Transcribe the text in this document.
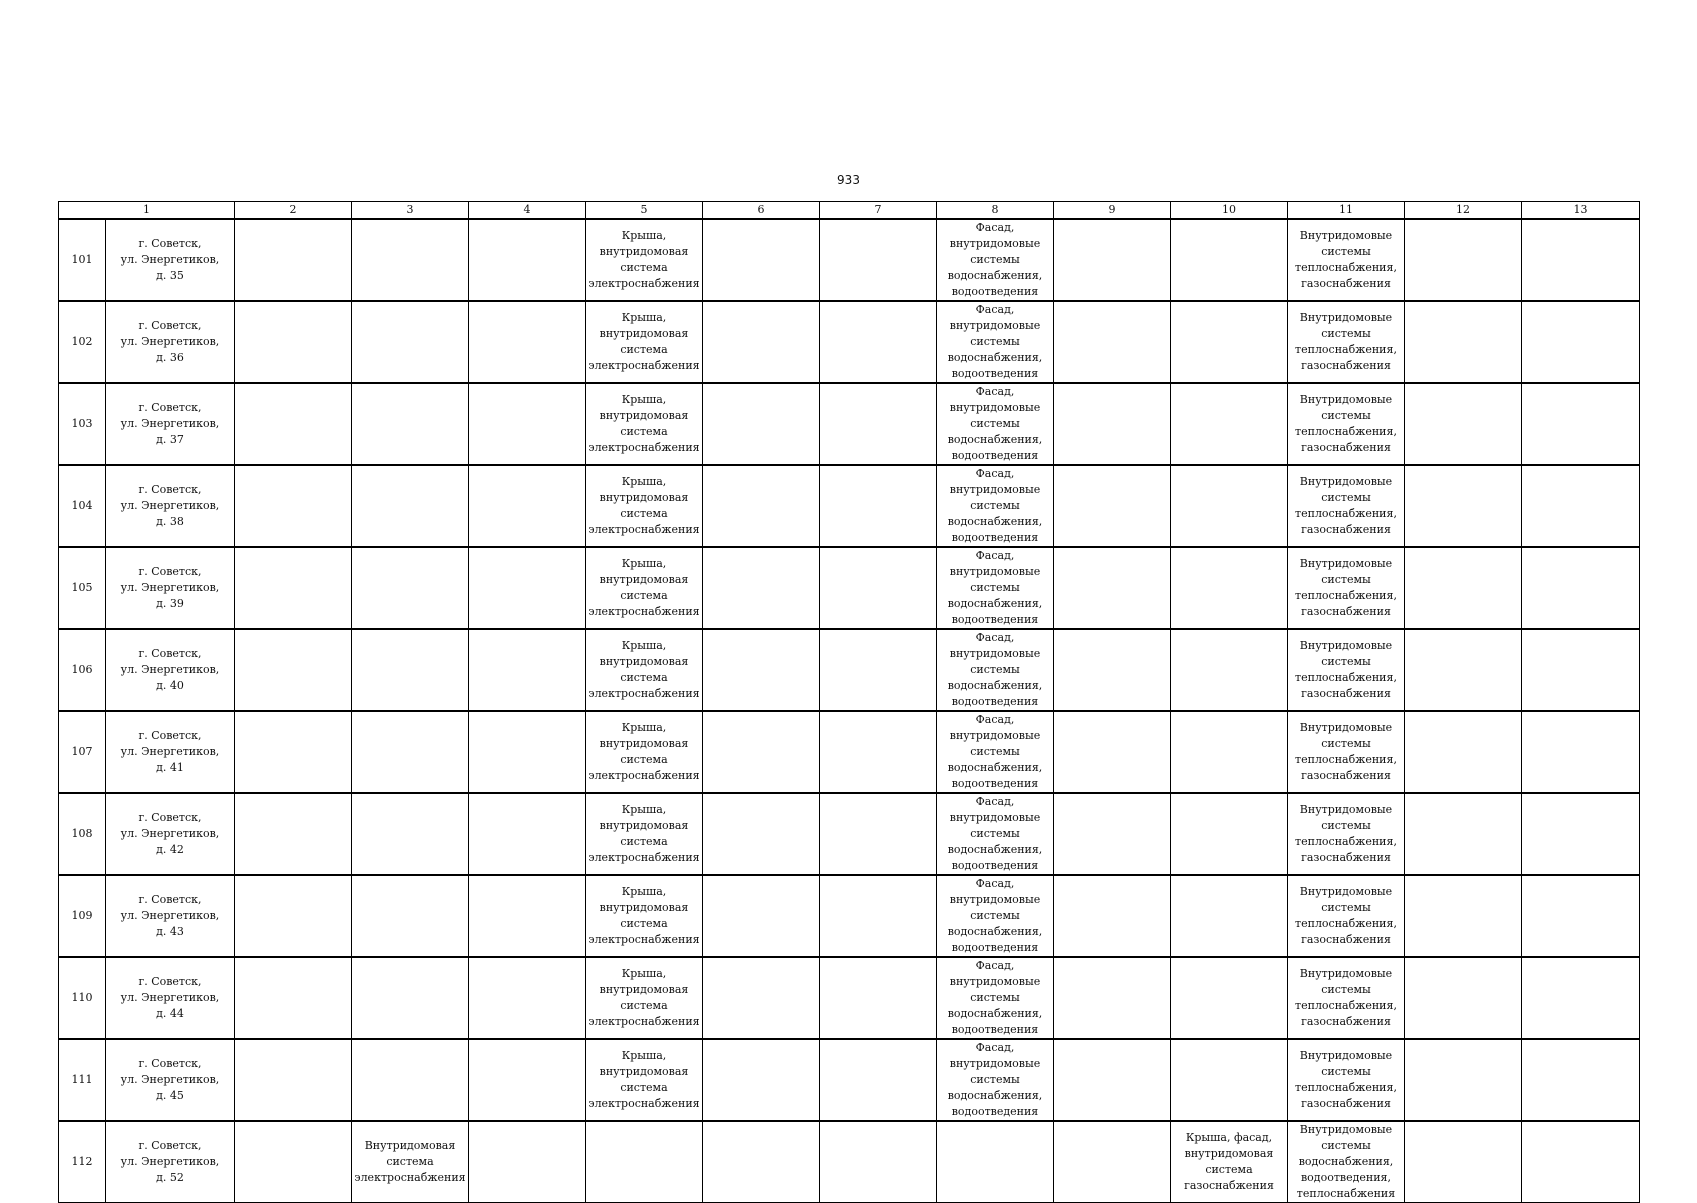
933
1		2	3	4	5	6	7	8	9	10	11	12	13

101	г. Советск,
ул. Энергетиков,
д. 35				Крыша,
внутридомовая
система
электроснабжения			Фасад,
внутридомовые
системы
водоснабжения,
водоотведения			Внутридомовые
системы
теплоснабжения,
газоснабжения		

102	г. Советск,
ул. Энергетиков,
д. 36				Крыша,
внутридомовая
система
электроснабжения			Фасад,
внутридомовые
системы
водоснабжения,
водоотведения			Внутридомовые
системы
теплоснабжения,
газоснабжения		

103	г. Советск,
ул. Энергетиков,
д. 37				Крыша,
внутридомовая
система
электроснабжения			Фасад,
внутридомовые
системы
водоснабжения,
водоотведения			Внутридомовые
системы
теплоснабжения,
газоснабжения		

104	г. Советск,
ул. Энергетиков,
д. 38				Крыша,
внутридомовая
система
электроснабжения			Фасад,
внутридомовые
системы
водоснабжения,
водоотведения			Внутридомовые
системы
теплоснабжения,
газоснабжения		

105	г. Советск,
ул. Энергетиков,
д. 39				Крыша,
внутридомовая
система
электроснабжения			Фасад,
внутридомовые
системы
водоснабжения,
водоотведения			Внутридомовые
системы
теплоснабжения,
газоснабжения		

106	г. Советск,
ул. Энергетиков,
д. 40				Крыша,
внутридомовая
система
электроснабжения			Фасад,
внутридомовые
системы
водоснабжения,
водоотведения			Внутридомовые
системы
теплоснабжения,
газоснабжения		

107	г. Советск,
ул. Энергетиков,
д. 41				Крыша,
внутридомовая
система
электроснабжения			Фасад,
внутридомовые
системы
водоснабжения,
водоотведения			Внутридомовые
системы
теплоснабжения,
газоснабжения		

108	г. Советск,
ул. Энергетиков,
д. 42				Крыша,
внутридомовая
система
электроснабжения			Фасад,
внутридомовые
системы
водоснабжения,
водоотведения			Внутридомовые
системы
теплоснабжения,
газоснабжения		

109	г. Советск,
ул. Энергетиков,
д. 43				Крыша,
внутридомовая
система
электроснабжения			Фасад,
внутридомовые
системы
водоснабжения,
водоотведения			Внутридомовые
системы
теплоснабжения,
газоснабжения		

110	г. Советск,
ул. Энергетиков,
д. 44				Крыша,
внутридомовая
система
электроснабжения			Фасад,
внутридомовые
системы
водоснабжения,
водоотведения			Внутридомовые
системы
теплоснабжения,
газоснабжения		

111	г. Советск,
ул. Энергетиков,
д. 45				Крыша,
внутридомовая
система
электроснабжения			Фасад,
внутридомовые
системы
водоснабжения,
водоотведения			Внутридомовые
системы
теплоснабжения,
газоснабжения		

112	г. Советск,
ул. Энергетиков,
д. 52		Внутридомовая
система
электроснабжения							Крыша, фасад,
внутридомовая
система
газоснабжения	Внутридомовые
системы
водоснабжения,
водоотведения,
теплоснабжения		
